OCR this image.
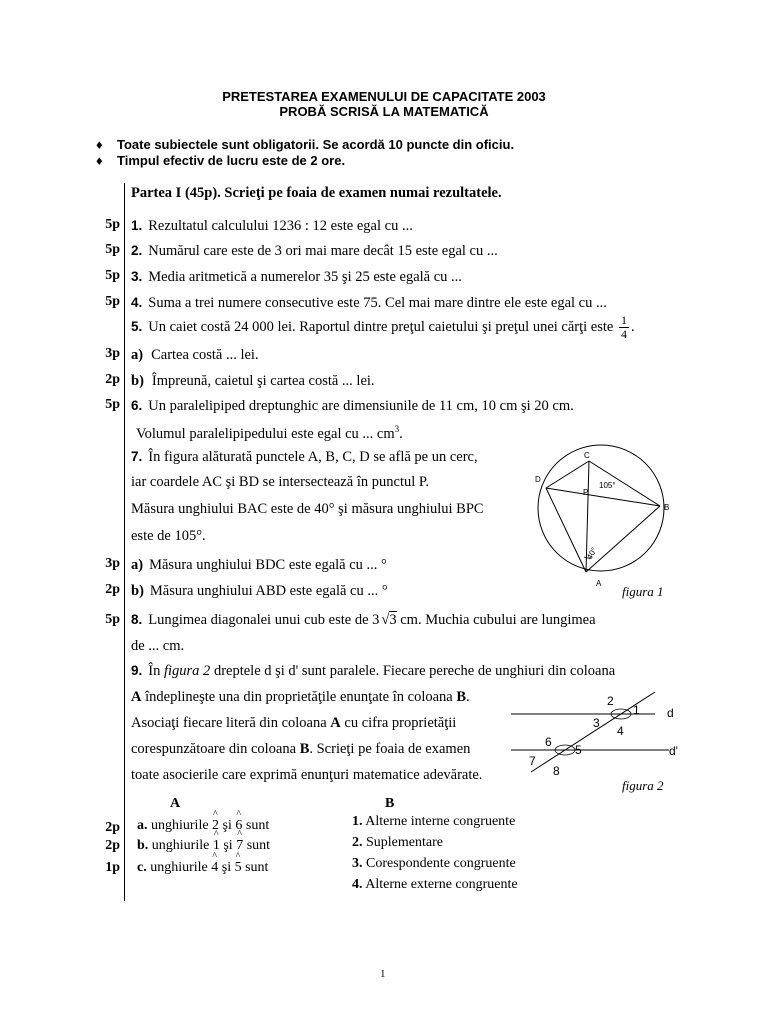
PRETESTAREA EXAMENULUI DE CAPACITATE 2003
PROBĂ SCRISĂ LA MATEMATICĂ
♦ Toate subiectele sunt obligatorii. Se acordă 10 puncte din oficiu.
♦ Timpul efectiv de lucru este de 2 ore.
Partea I (45p). Scrieţi pe foaia de examen numai rezultatele.
5p
5p
5p
5p
3p
2p
5p
3p
2p
5p
2p
2p
1p
1. Rezultatul calculului 1236 : 12 este egal cu ...
2. Numărul care este de 3 ori mai mare decât 15 este egal cu ...
3. Media aritmetică a numerelor 35 şi 25 este egală cu ...
4. Suma a trei numere consecutive este 75. Cel mai mare dintre ele este egal cu ...
5. Un caiet costă 24 000 lei. Raportul dintre preţul caietului şi preţul unei cărţi este $\frac{1}{4}$ .
a) Cartea costă ... lei.
b) Împreună, caietul şi cartea costă ... lei.
6. Un paralelipiped dreptunghic are dimensiunile de 11 cm, 10 cm şi 20 cm.
Volumul paralelipipedului este egal cu ... $cm^3$.
7. În figura alăturată punctele A, B, C, D se află pe un cerc,
iar coardele AC şi BD se intersectează în punctul P.
Măsura unghiului BAC este de 40° şi măsura unghiului BPC
este de 105°.
a) Măsura unghiului BDC este egală cu ... °
b) Măsura unghiului ABD este egală cu ... °
105°
40°
C
D
P
B
A
figura 1
8. Lungimea diagonalei unui cub este de 3 √3 cm. Muchia cubului are lungimea
de ... cm.
9. În figura 2 dreptele d şi d' sunt paralele. Fiecare pereche de unghiuri din coloana
A îndeplineşte una din proprietăţile enunţate în coloana B.
Asociaţi fiecare literă din coloana A cu cifra proprietăţii
corespunzătoare din coloana B. Scrieţi pe foaia de examen
toate asocierile care exprimă enunţuri matematice adevărate.
2
1
3
4
6
5
7
8
d
d'
figura 2
A	B
a. unghiurile ^ 2 şi ^ 6 sunt
b. unghiurile ^ 1 şi ^ 7 sunt
c. unghiurile ^ 4 şi ^ 5 sunt
1. Alterne interne congruente
2. Suplementare
3. Corespondente congruente
4. Alterne externe congruente
1
